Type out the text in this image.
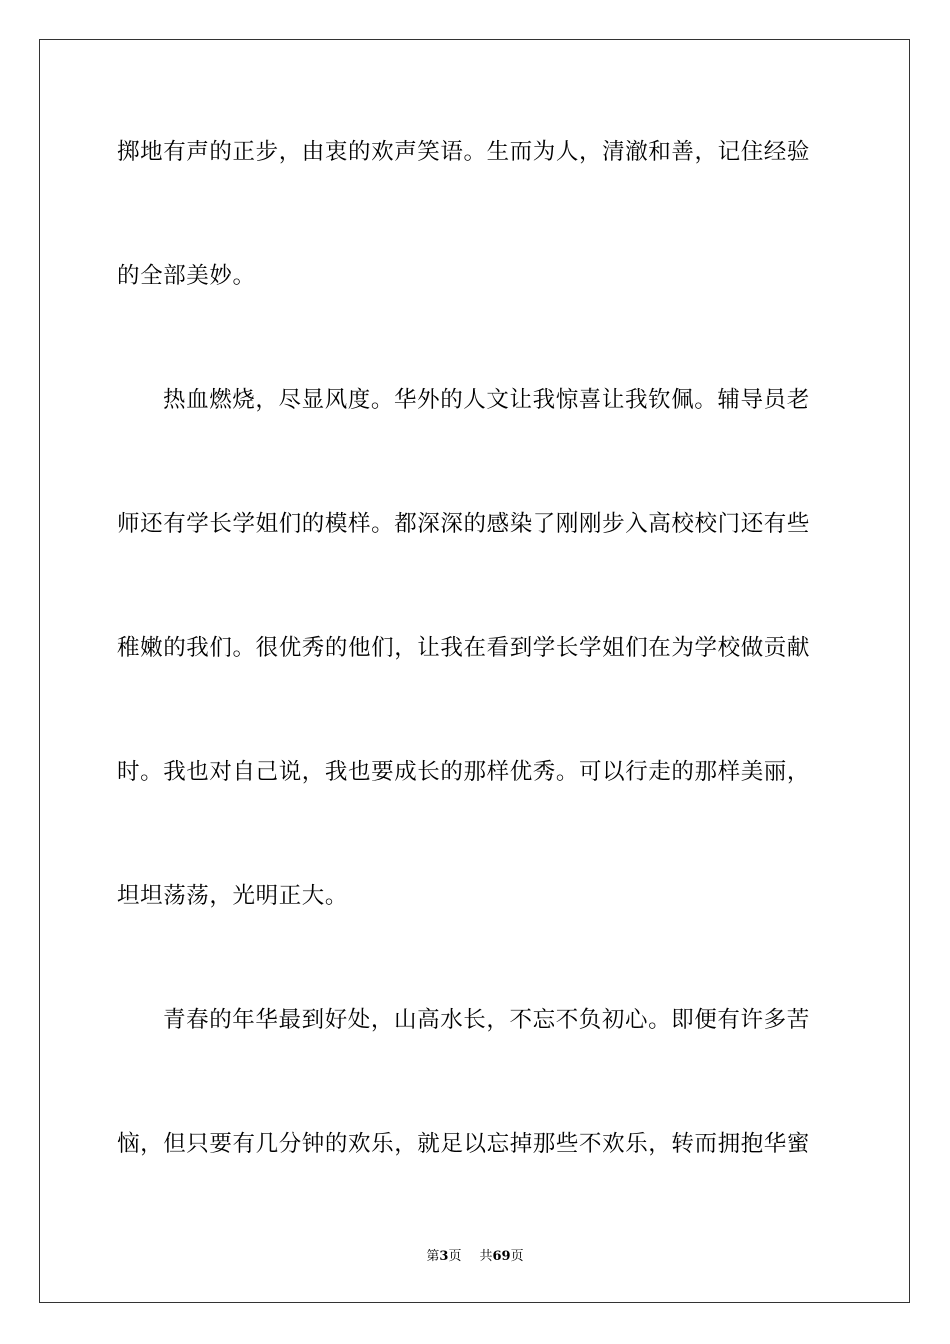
掷地有声的正步，由衷的欢声笑语。生而为人，清澈和善，记住经验
的全部美妙。
热血燃烧，尽显风度。华外的人文让我惊喜让我钦佩。辅导员老
师还有学长学姐们的模样。都深深的感染了刚刚步入高校校门还有些
稚嫩的我们。很优秀的他们，让我在看到学长学姐们在为学校做贡献
时。我也对自己说，我也要成长的那样优秀。可以行走的那样美丽，
坦坦荡荡，光明正大。
青春的年华最到好处，山高水长，不忘不负初心。即便有许多苦
恼，但只要有几分钟的欢乐，就足以忘掉那些不欢乐，转而拥抱华蜜
第3页 共69页
